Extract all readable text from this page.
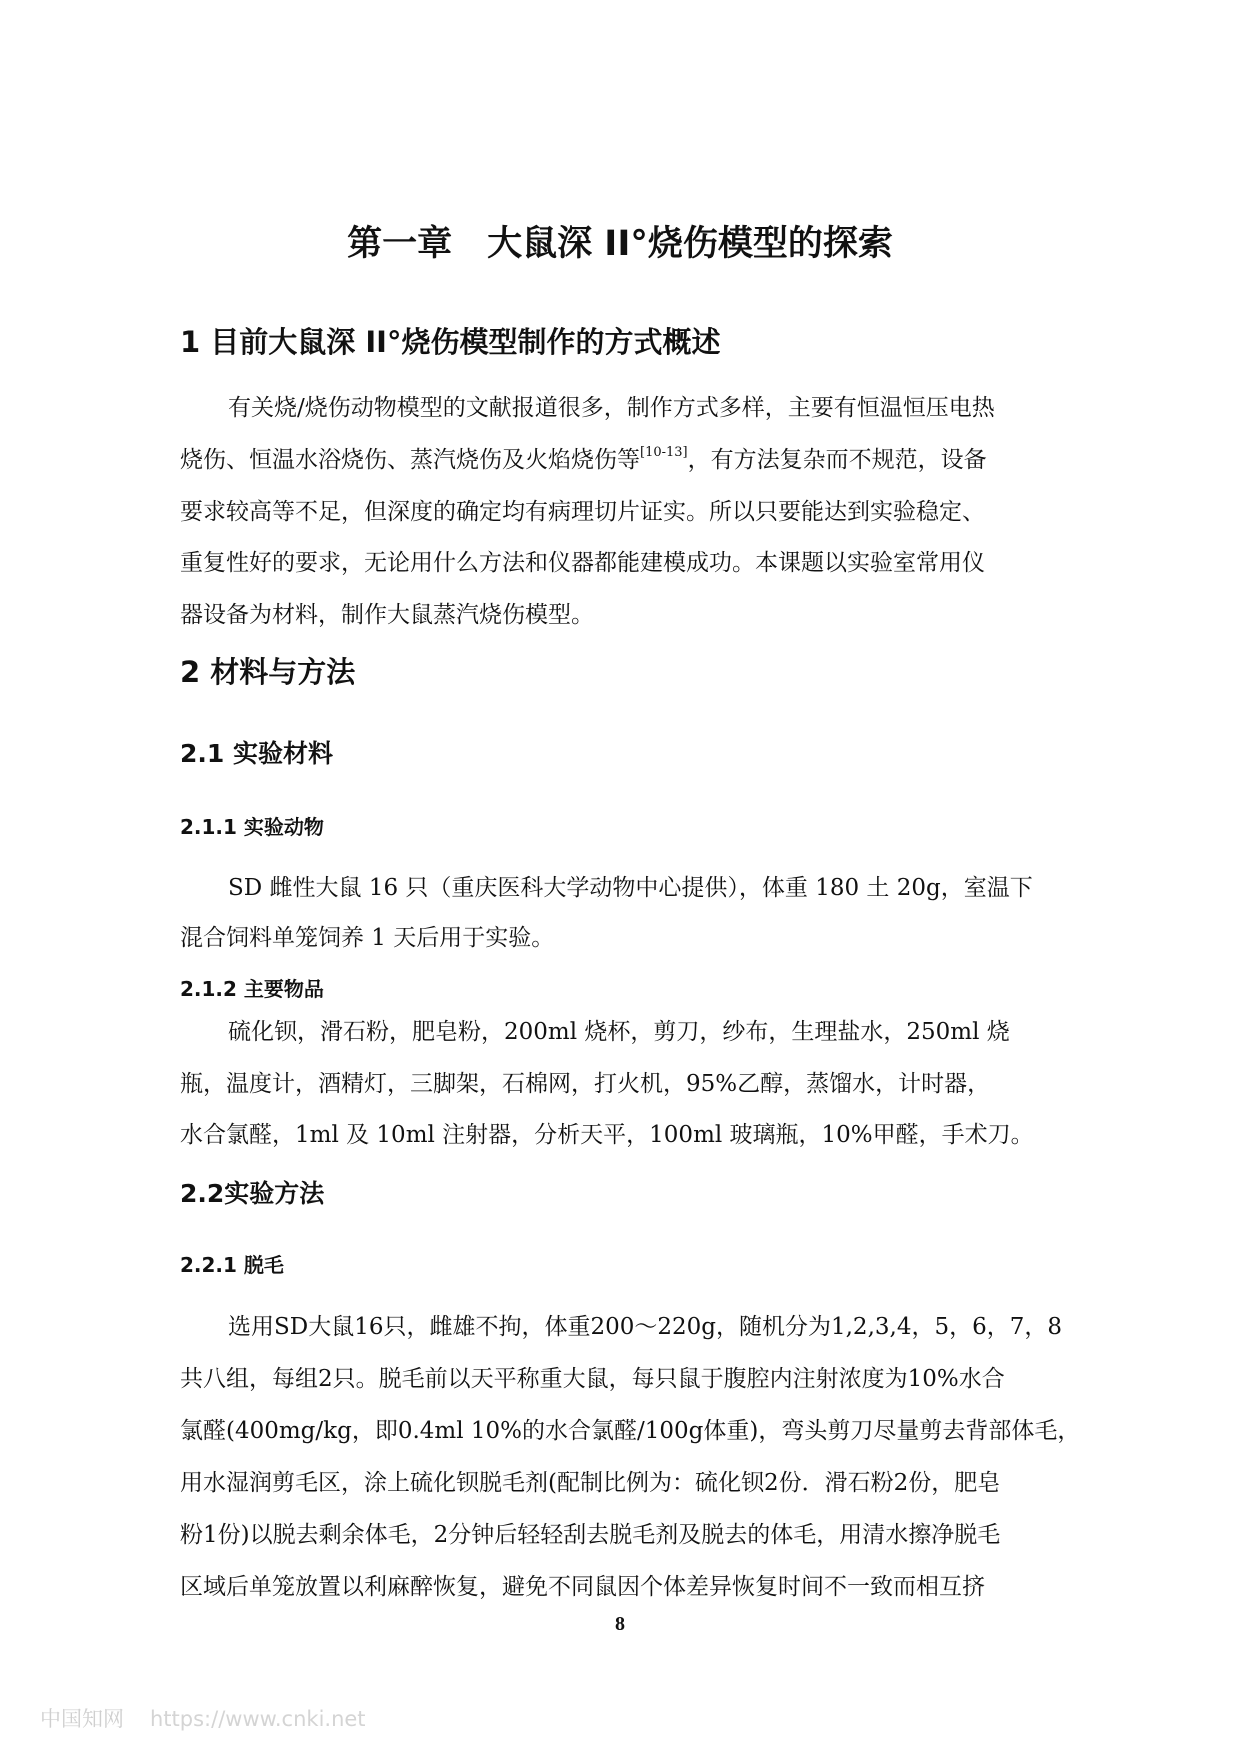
第一章　大鼠深 II°烧伤模型的探索
1 目前大鼠深 II°烧伤模型制作的方式概述
有关烧/烧伤动物模型的文献报道很多，制作方式多样，主要有恒温恒压电热
烧伤、恒温水浴烧伤、蒸汽烧伤及火焰烧伤等[10-13]，有方法复杂而不规范，设备
要求较高等不足，但深度的确定均有病理切片证实。所以只要能达到实验稳定、
重复性好的要求，无论用什么方法和仪器都能建模成功。本课题以实验室常用仪
器设备为材料，制作大鼠蒸汽烧伤模型。
2 材料与方法
2.1 实验材料
2.1.1 实验动物
SD 雌性大鼠 16 只（重庆医科大学动物中心提供），体重 180 土 20g，室温下
混合饲料单笼饲养 1 天后用于实验。
2.1.2 主要物品
硫化钡，滑石粉，肥皂粉，200ml 烧杯，剪刀，纱布，生理盐水，250ml 烧
瓶，温度计，酒精灯，三脚架，石棉网，打火机，95%乙醇，蒸馏水，计时器，
水合氯醛，1ml 及 10ml 注射器，分析天平，100ml 玻璃瓶，10%甲醛，手术刀。
2.2实验方法
2.2.1 脱毛
选用SD大鼠16只，雌雄不拘，体重200～220g，随机分为1,2,3,4，5，6，7，8
共八组，每组2只。脱毛前以天平称重大鼠，每只鼠于腹腔内注射浓度为10%水合
氯醛(400mg/kg，即0.4ml 10%的水合氯醛/100g体重)，弯头剪刀尽量剪去背部体毛，
用水湿润剪毛区，涂上硫化钡脱毛剂(配制比例为：硫化钡2份．滑石粉2份，肥皂
粉1份)以脱去剩余体毛，2分钟后轻轻刮去脱毛剂及脱去的体毛，用清水擦净脱毛
区域后单笼放置以利麻醉恢复，避免不同鼠因个体差异恢复时间不一致而相互挤
8
中国知网 https://www.cnki.net
